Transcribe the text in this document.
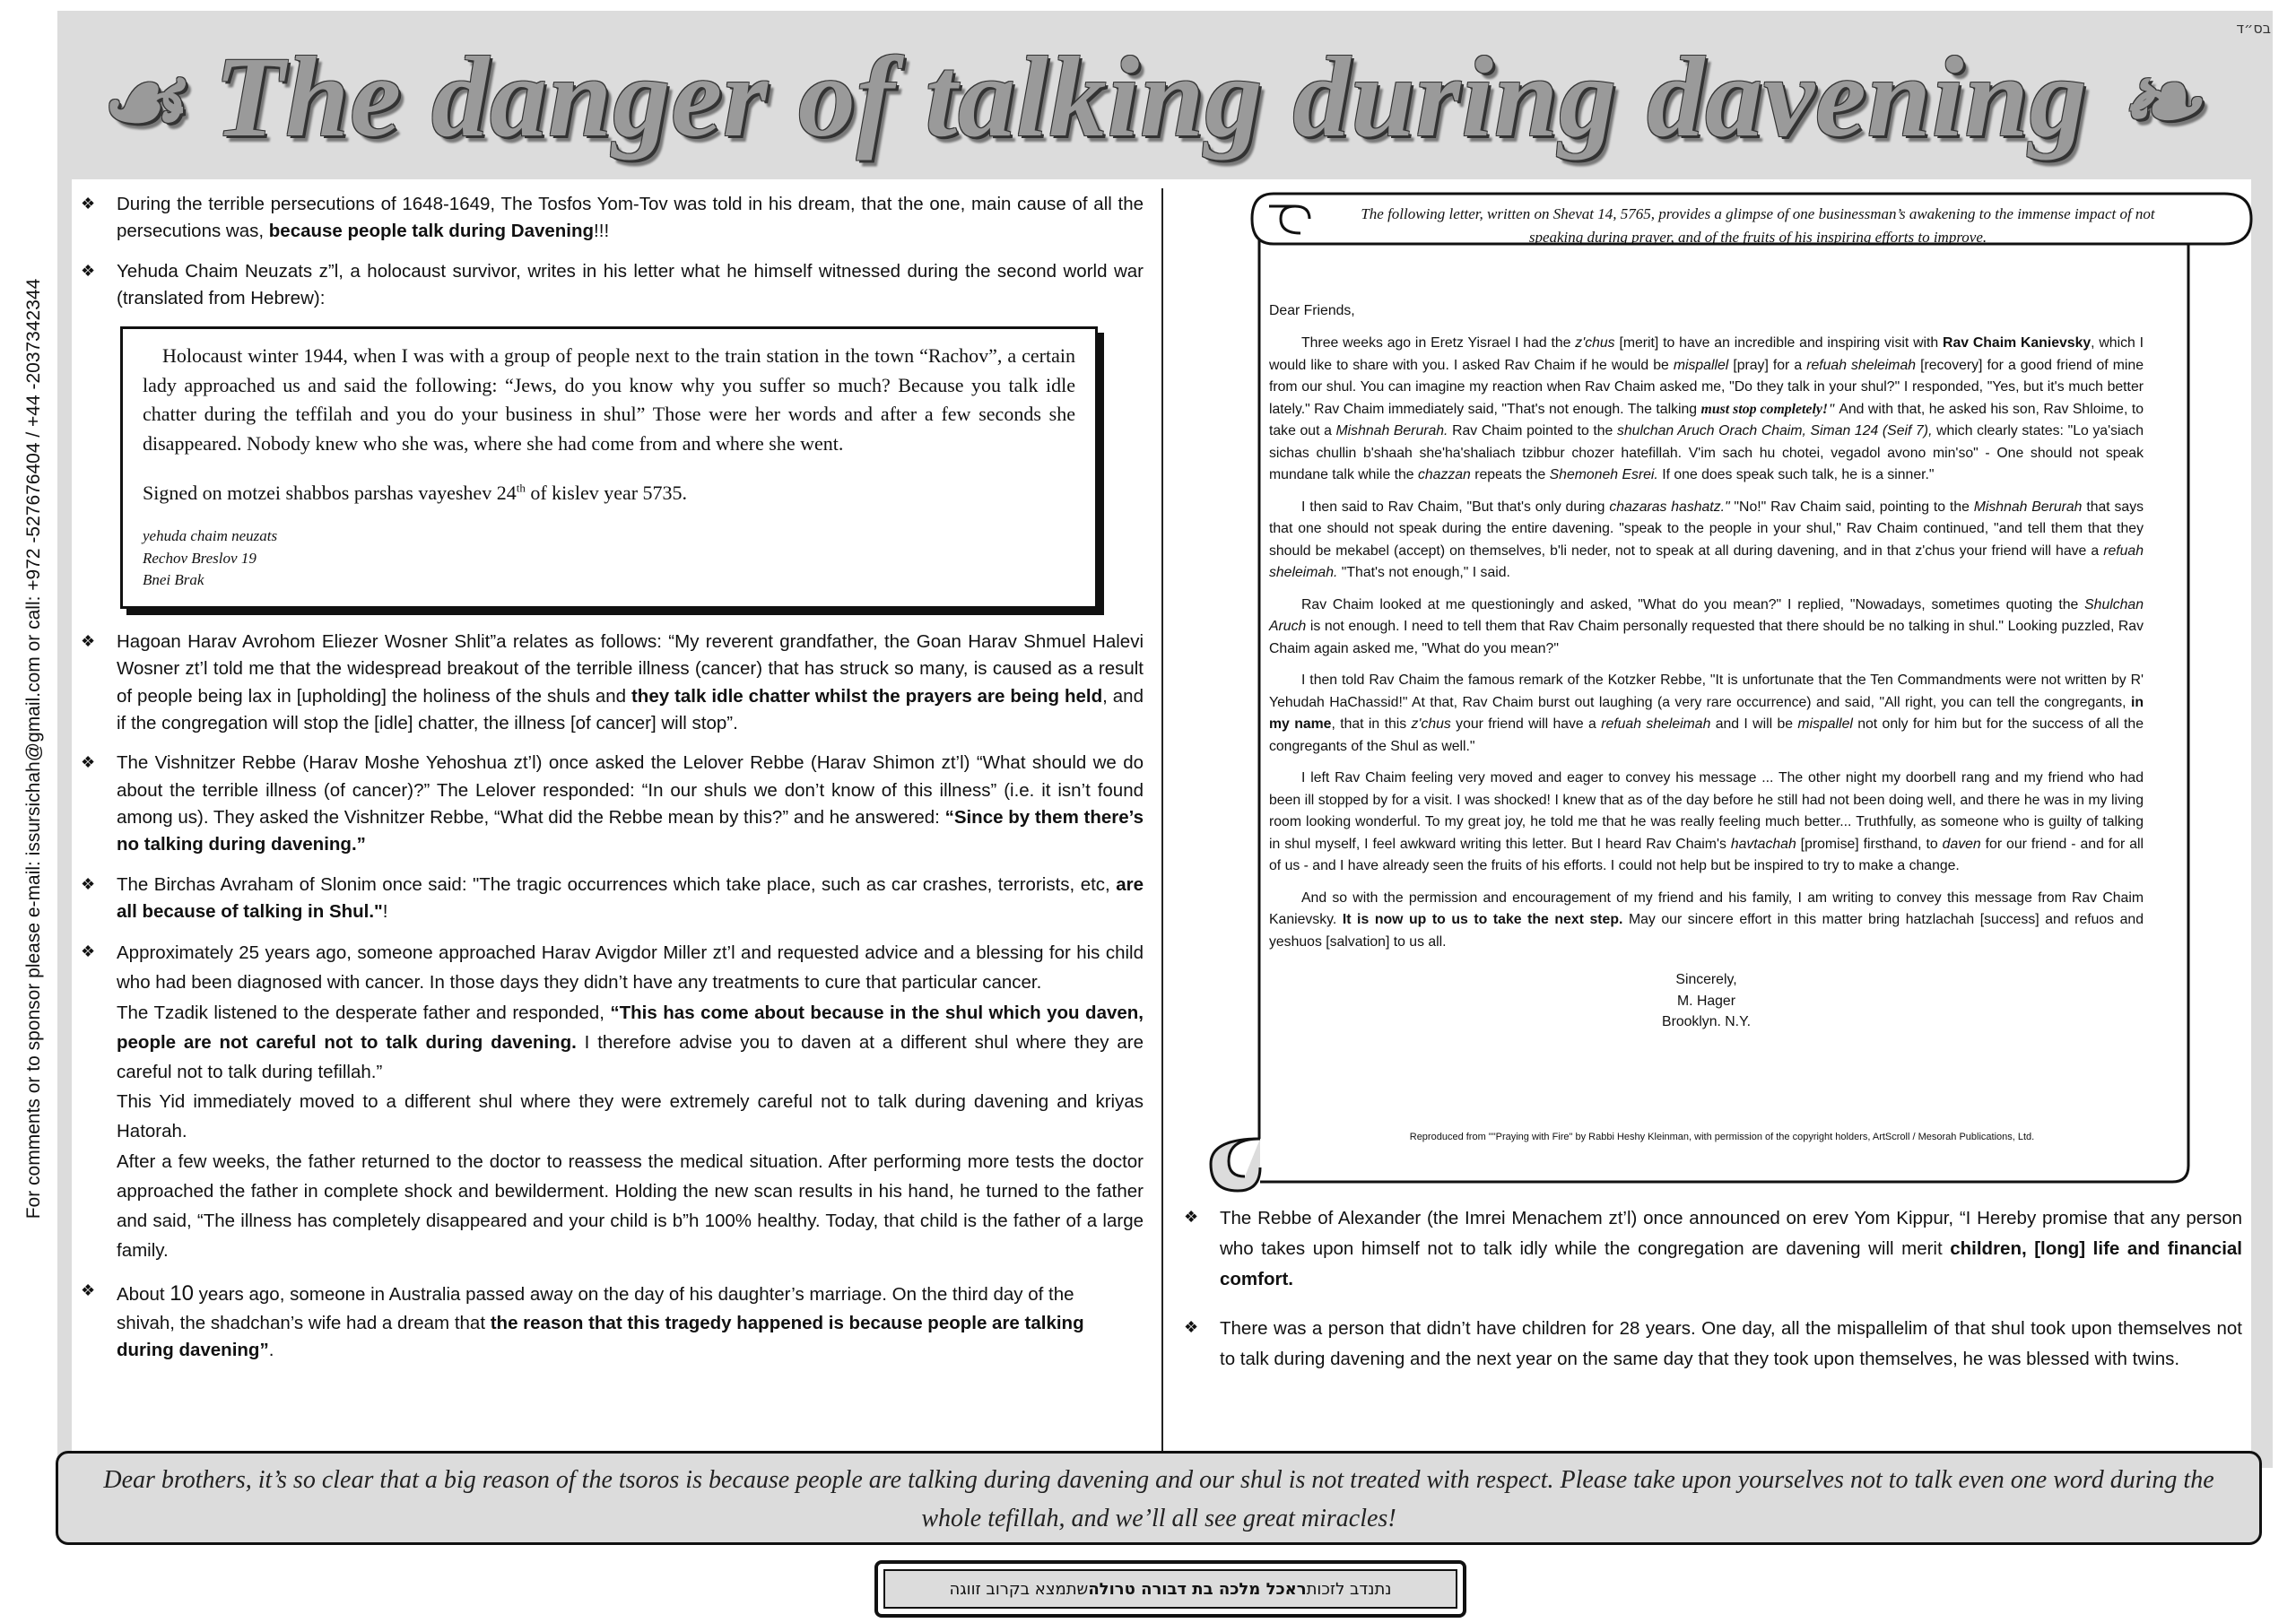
בס״ד
☙ The danger of talking during davening ❧
For comments or to sponsor please e-mail: issursichah@gmail.com or call: +972 -527676404 / +44 -2037342344
❖ During the terrible persecutions of 1648-1649, The Tosfos Yom-Tov was told in his dream, that the one, main cause of all the persecutions was, because people talk during Davening!!!

❖ Yehuda Chaim Neuzats z”l, a holocaust survivor, writes in his letter what he himself witnessed during the second world war (translated from Hebrew):

Holocaust winter 1944, when I was with a group of people next to the train station in the town “Rachov”, a certain lady approached us and said the following: “Jews, do you know why you suffer so much? Because you talk idle chatter during the teffilah and you do your business in shul” Those were her words and after a few seconds she disappeared. Nobody knew who she was, where she had come from and where she went.

Signed on motzei shabbos parshas vayeshev 24th of kislev year 5735.

yehuda chaim neuzats
Rechov Breslov 19
Bnei Brak
❖ Hagoan Harav Avrohom Eliezer Wosner Shlit”a relates as follows: “My reverent grandfather, the Goan Harav Shmuel Halevi Wosner zt’l told me that the widespread breakout of the terrible illness (cancer) that has struck so many, is caused as a result of people being lax in [upholding] the holiness of the shuls and they talk idle chatter whilst the prayers are being held, and if the congregation will stop the [idle] chatter, the illness [of cancer] will stop”.

❖ The Vishnitzer Rebbe (Harav Moshe Yehoshua zt’l) once asked the Lelover Rebbe (Harav Shimon zt’l) “What should we do about the terrible illness (of cancer)?” The Lelover responded: “In our shuls we don’t know of this illness” (i.e. it isn’t found among us). They asked the Vishnitzer Rebbe, “What did the Rebbe mean by this?” and he answered: “Since by them there’s no talking during davening.”

❖ The Birchas Avraham of Slonim once said: "The tragic occurrences which take place, such as car crashes, terrorists, etc, are all because of talking in Shul."!

❖ Approximately 25 years ago, someone approached Harav Avigdor Miller zt’l and requested advice and a blessing for his child who had been diagnosed with cancer. In those days they didn’t have any treatments to cure that particular cancer.

The Tzadik listened to the desperate father and responded, “This has come about because in the shul which you daven, people are not careful not to talk during davening. I therefore advise you to daven at a different shul where they are careful not to talk during tefillah.”

This Yid immediately moved to a different shul where they were extremely careful not to talk during davening and kriyas Hatorah.

After a few weeks, the father returned to the doctor to reassess the medical situation. After performing more tests the doctor approached the father in complete shock and bewilderment. Holding the new scan results in his hand, he turned to the father and said, “The illness has completely disappeared and your child is b”h 100% healthy. Today, that child is the father of a large family.

❖ About 10 years ago, someone in Australia passed away on the day of his daughter’s marriage. On the third day of the shivah, the shadchan’s wife had a dream that the reason that this tragedy happened is because people are talking during davening”.

The following letter, written on Shevat 14, 5765, provides a glimpse of one businessman’s awakening to the immense impact of not speaking during prayer, and of the fruits of his inspiring efforts to improve.

Dear Friends,

Three weeks ago in Eretz Yisrael I had the z'chus [merit] to have an incredible and inspiring visit with Rav Chaim Kanievsky, which I would like to share with you. I asked Rav Chaim if he would be mispallel [pray] for a refuah sheleimah [recovery] for a good friend of mine from our shul. You can imagine my reaction when Rav Chaim asked me, "Do they talk in your shul?" I responded, "Yes, but it's much better lately." Rav Chaim immediately said, "That's not enough. The talking must stop completely!" And with that, he asked his son, Rav Shloime, to take out a Mishnah Berurah. Rav Chaim pointed to the shulchan Aruch Orach Chaim, Siman 124 (Seif 7), which clearly states: "Lo ya'siach sichas chullin b'shaah she'ha'shaliach tzibbur chozer hatefillah. V'im sach hu chotei, vegadol avono min'so" - One should not speak mundane talk while the chazzan repeats the Shemoneh Esrei. If one does speak such talk, he is a sinner."

I then said to Rav Chaim, "But that's only during chazaras hashatz." "No!" Rav Chaim said, pointing to the Mishnah Berurah that says that one should not speak during the entire davening. "speak to the people in your shul," Rav Chaim continued, "and tell them that they should be mekabel (accept) on themselves, b'li neder, not to speak at all during davening, and in that z'chus your friend will have a refuah sheleimah. "That's not enough," I said.

Rav Chaim looked at me questioningly and asked, "What do you mean?" I replied, "Nowadays, sometimes quoting the Shulchan Aruch is not enough. I need to tell them that Rav Chaim personally requested that there should be no talking in shul." Looking puzzled, Rav Chaim again asked me, "What do you mean?"

I then told Rav Chaim the famous remark of the Kotzker Rebbe, "It is unfortunate that the Ten Commandments were not written by R' Yehudah HaChassid!" At that, Rav Chaim burst out laughing (a very rare occurrence) and said, "All right, you can tell the congregants, in my name, that in this z'chus your friend will have a refuah sheleimah and I will be mispallel not only for him but for the success of all the congregants of the Shul as well."

I left Rav Chaim feeling very moved and eager to convey his message ... The other night my doorbell rang and my friend who had been ill stopped by for a visit. I was shocked! I knew that as of the day before he still had not been doing well, and there he was in my living room looking wonderful. To my great joy, he told me that he was really feeling much better... Truthfully, as someone who is guilty of talking in shul myself, I feel awkward writing this letter. But I heard Rav Chaim's havtachah [promise] firsthand, to daven for our friend - and for all of us - and I have already seen the fruits of his efforts. I could not help but be inspired to try to make a change.

And so with the permission and encouragement of my friend and his family, I am writing to convey this message from Rav Chaim Kanievsky. It is now up to us to take the next step. May our sincere effort in this matter bring hatzlachah [success] and refuos and yeshuos [salvation] to us all.

Sincerely,
M. Hager
Brooklyn. N.Y.
Reproduced from ""Praying with Fire" by Rabbi Heshy Kleinman, with permission of the copyright holders, ArtScroll / Mesorah Publications, Ltd.
❖ The Rebbe of Alexander (the Imrei Menachem zt’l) once announced on erev Yom Kippur, “I Hereby promise that any person who takes upon himself not to talk idly while the congregation are davening will merit children, [long] life and financial comfort.

❖ There was a person that didn’t have children for 28 years. One day, all the mispallelim of that shul took upon themselves not to talk during davening and the next year on the same day that they took upon themselves, he was blessed with twins.

Dear brothers, it’s so clear that a big reason of the tsoros is because people are talking during davening and our shul is not treated with respect. Please take upon yourselves not to talk even one word during the whole tefillah, and we’ll all see great miracles!
נתנדב לזכות
ראכל מלכה בת דבורה טרולה
שתמצא בקרוב זווגה
